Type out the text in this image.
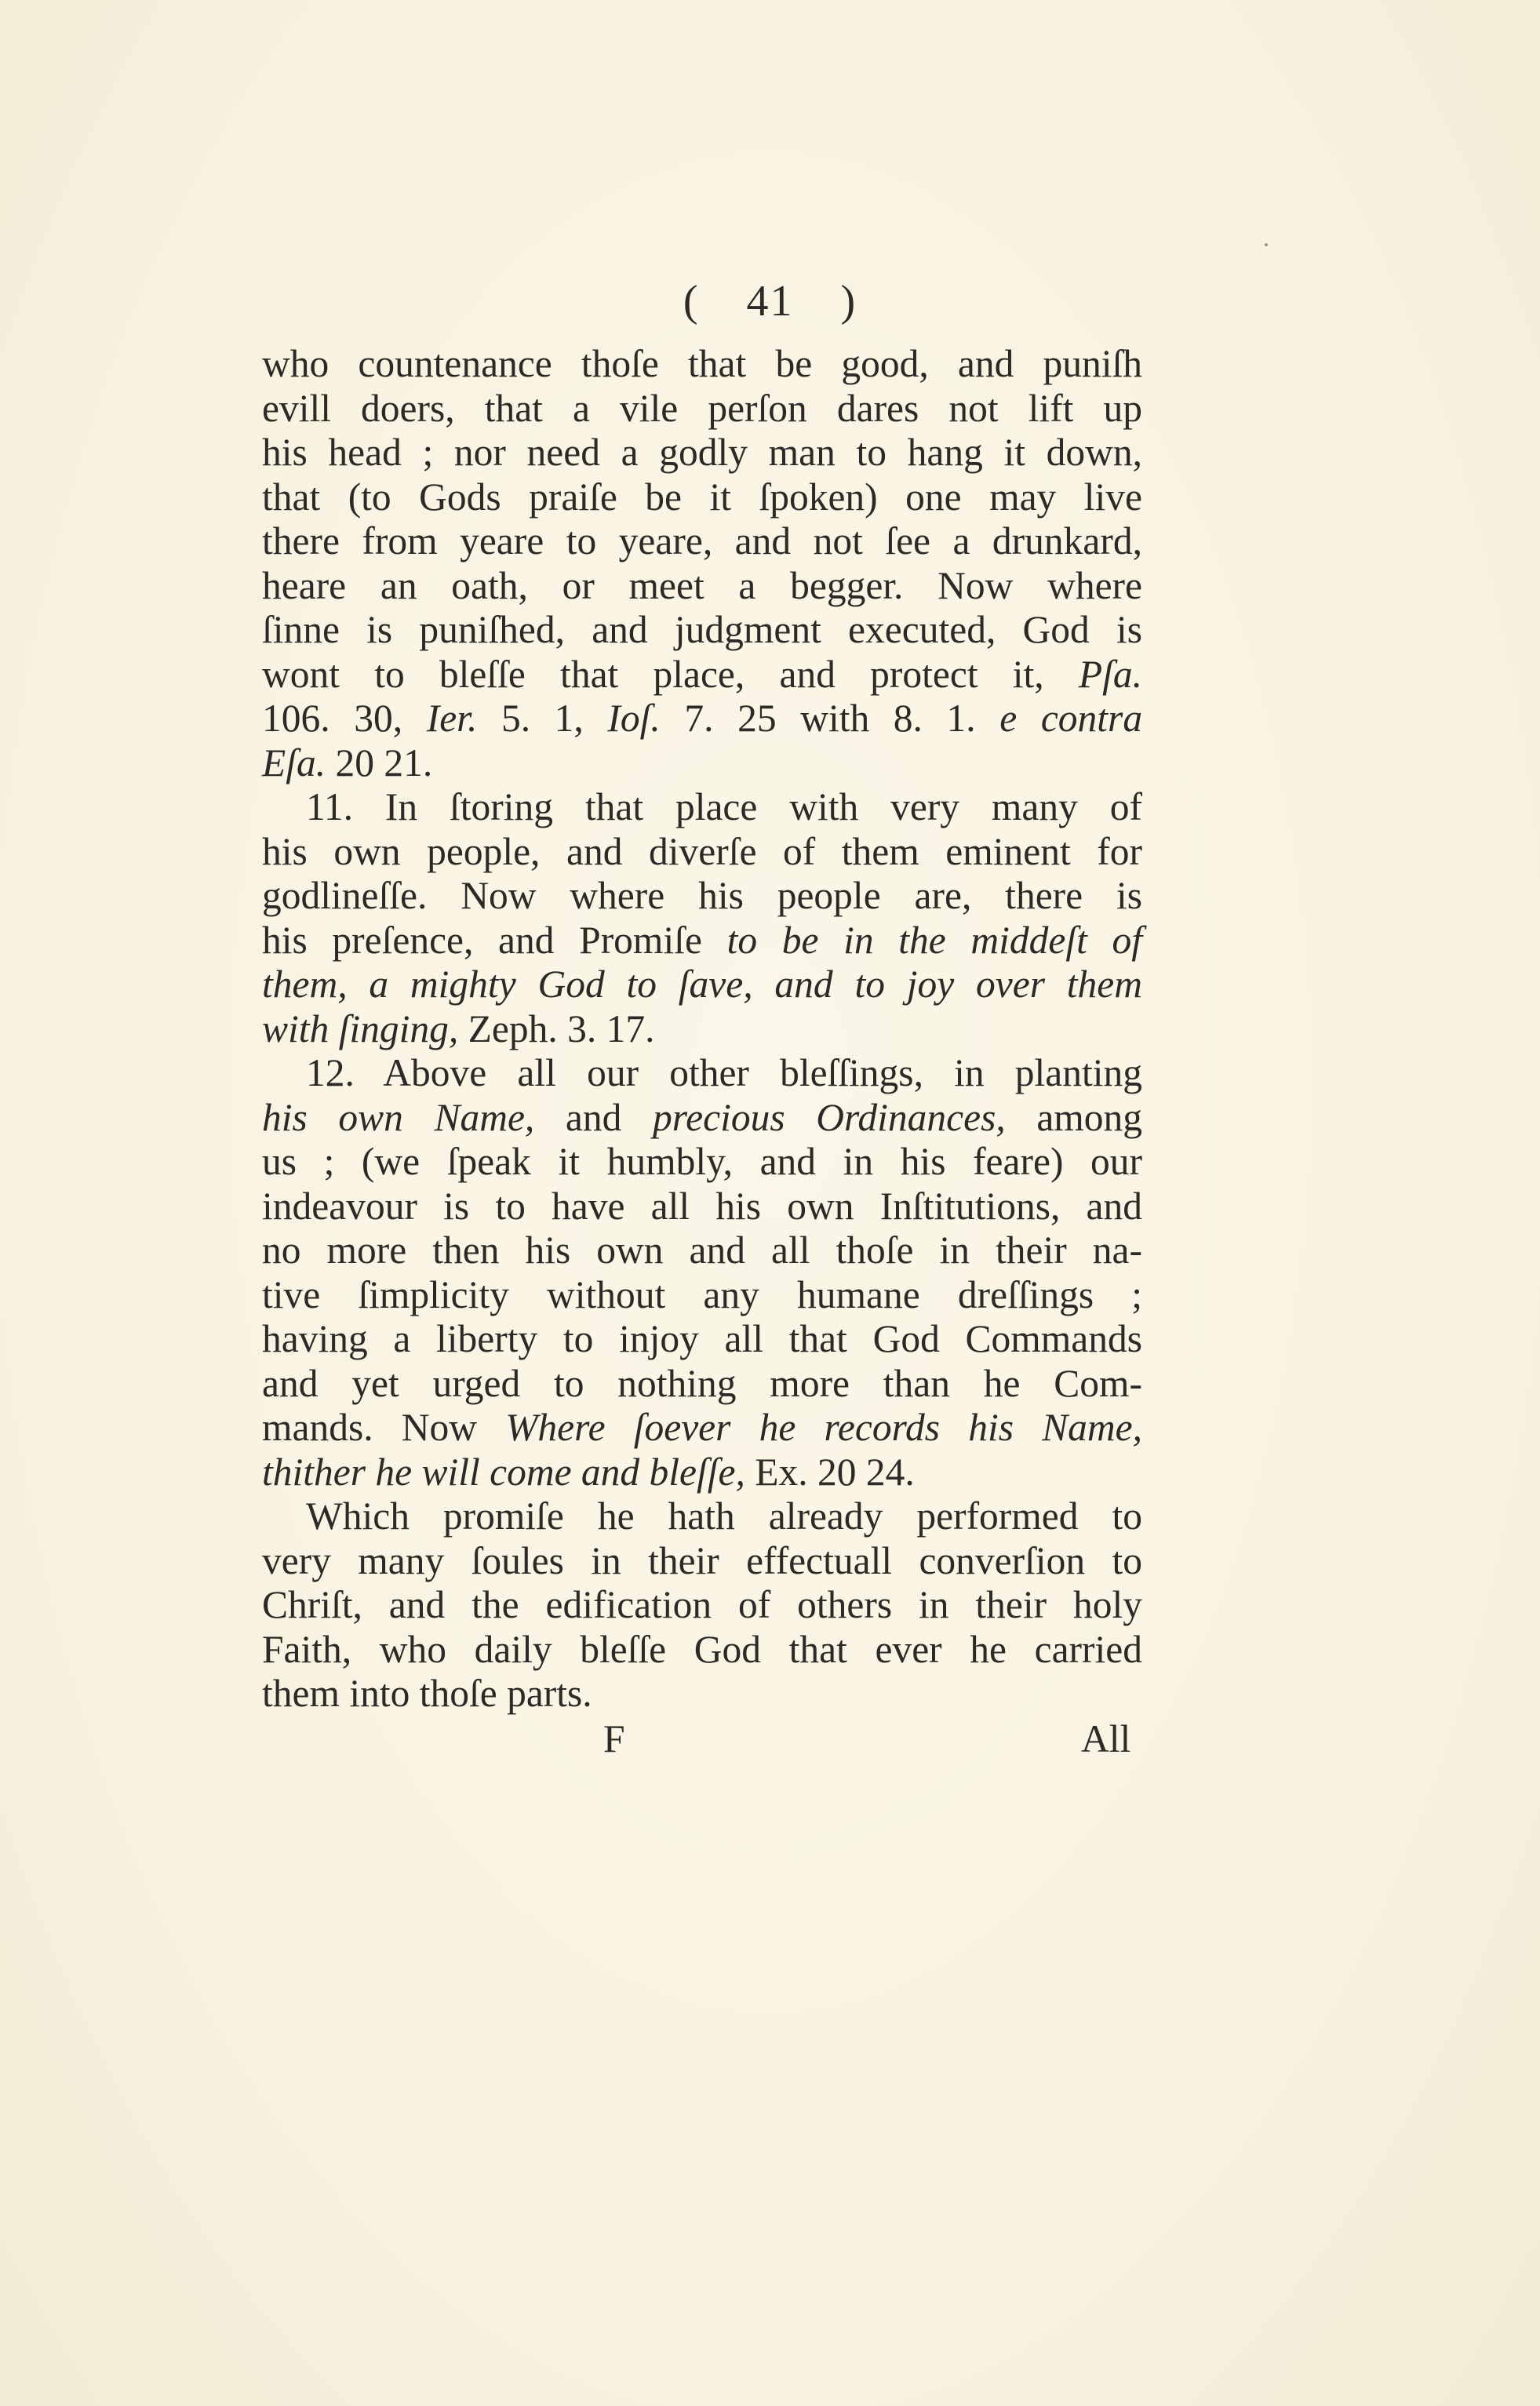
( 41 )
who countenance thoſe that be good, and puniſh
evill doers, that a vile perſon dares not lift up
his head ; nor need a godly man to hang it down,
that (to Gods praiſe be it ſpoken) one may live
there from yeare to yeare, and not ſee a drunkard,
heare an oath, or meet a begger. Now where
ſinne is puniſhed, and judgment executed, God is
wont to bleſſe that place, and protect it, Pſa.
106. 30, Ier. 5. 1, Ioſ. 7. 25 with 8. 1. e contra
Eſa. 20 21.
11. In ſtoring that place with very many of
his own people, and diverſe of them eminent for
godlineſſe. Now where his people are, there is
his preſence, and Promiſe to be in the middeſt of
them, a mighty God to ſave, and to joy over them
with ſinging, Zeph. 3. 17.
12. Above all our other bleſſings, in planting
his own Name, and precious Ordinances, among
us ; (we ſpeak it humbly, and in his feare) our
indeavour is to have all his own Inſtitutions, and
no more then his own and all thoſe in their na-
tive ſimplicity without any humane dreſſings ;
having a liberty to injoy all that God Commands
and yet urged to nothing more than he Com-
mands. Now Where ſoever he records his Name,
thither he will come and bleſſe, Ex. 20 24.
Which promiſe he hath already performed to
very many ſoules in their effectuall converſion to
Chriſt, and the edification of others in their holy
Faith, who daily bleſſe God that ever he carried
them into thoſe parts.
F	All
